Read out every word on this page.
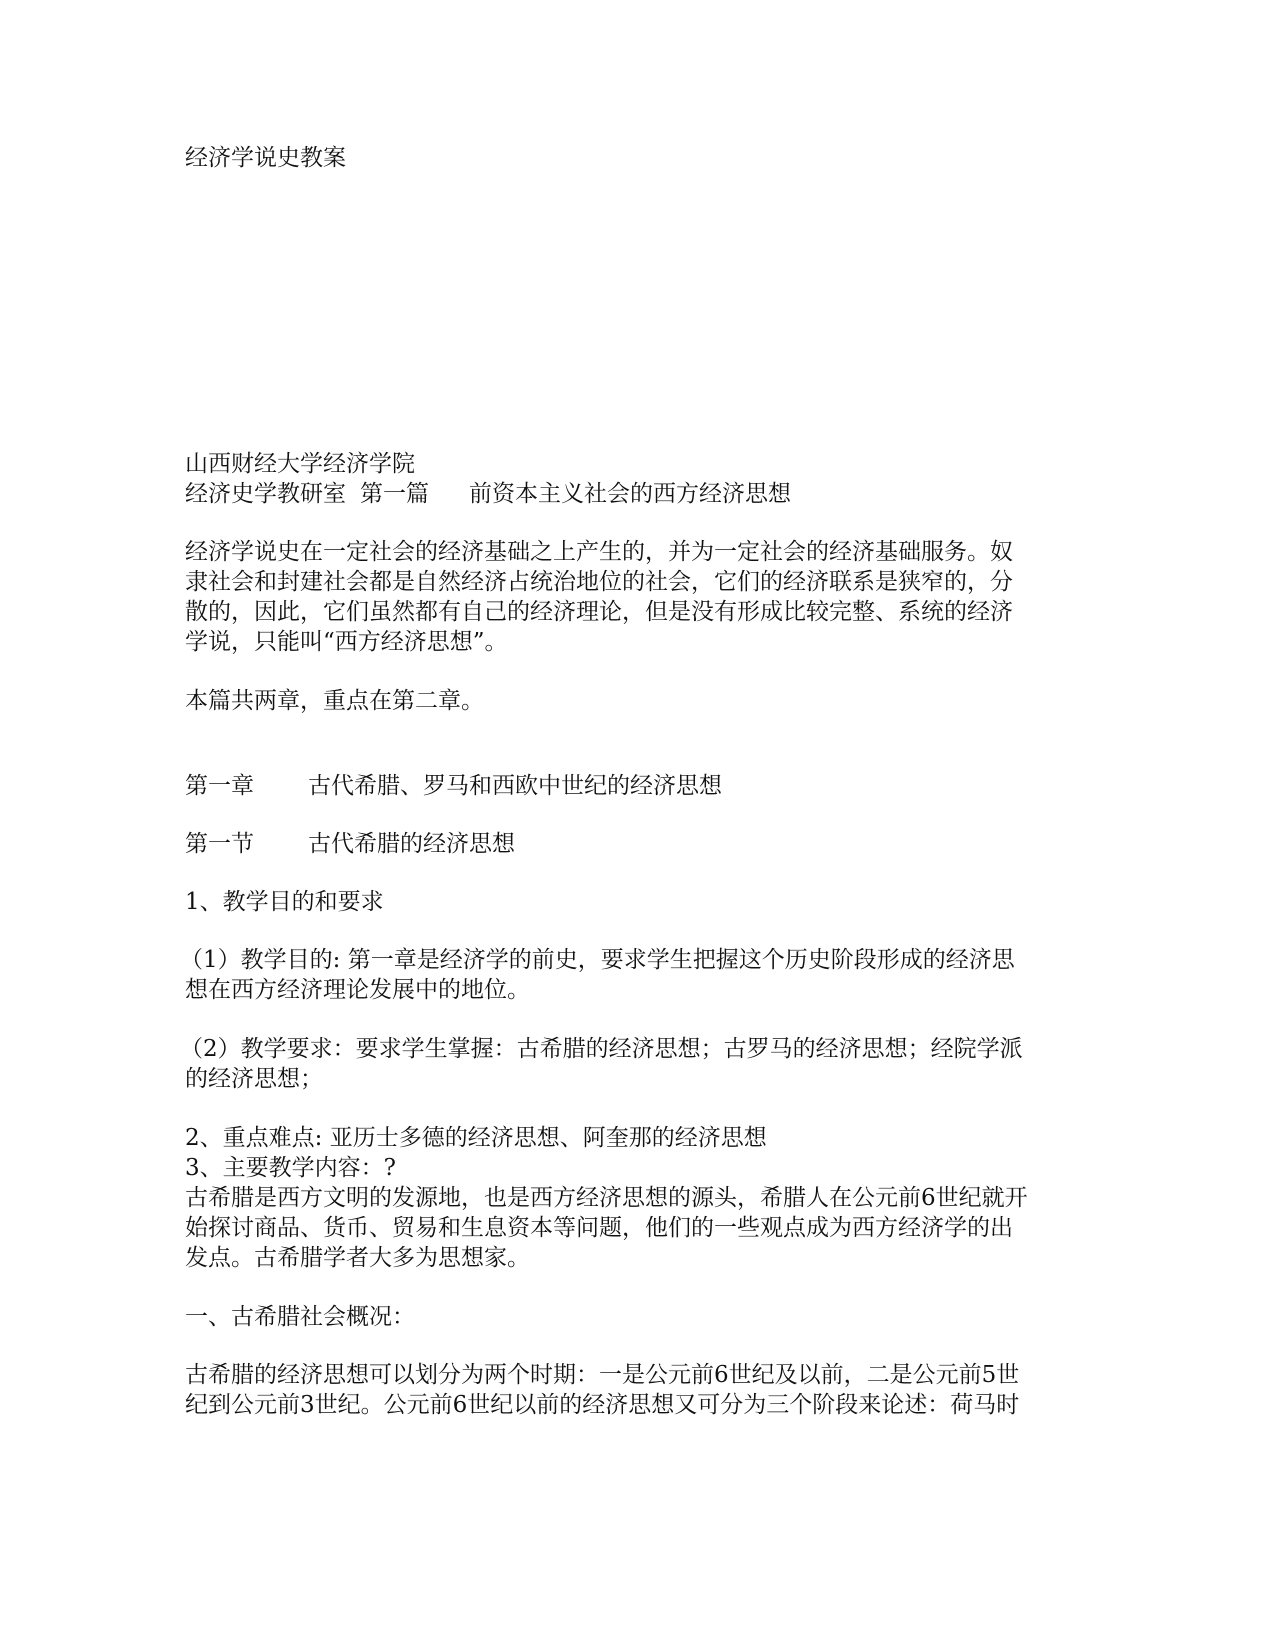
经济学说史教案
山西财经大学经济学院
经济史学教研室 第一篇 前资本主义社会的西方经济思想
经济学说史在一定社会的经济基础之上产生的，并为一定社会的经济基础服务。奴
隶社会和封建社会都是自然经济占统治地位的社会，它们的经济联系是狭窄的，分
散的，因此，它们虽然都有自己的经济理论，但是没有形成比较完整、系统的经济
学说，只能叫“西方经济思想”。
本篇共两章，重点在第二章。
第一章 古代希腊、罗马和西欧中世纪的经济思想
第一节 古代希腊的经济思想
1、教学目的和要求
（1）教学目的: 第一章是经济学的前史，要求学生把握这个历史阶段形成的经济思
想在西方经济理论发展中的地位。
（2）教学要求：要求学生掌握：古希腊的经济思想；古罗马的经济思想；经院学派
的经济思想；
2、重点难点: 亚历士多德的经济思想、阿奎那的经济思想
3、主要教学内容：?
古希腊是西方文明的发源地，也是西方经济思想的源头，希腊人在公元前6世纪就开
始探讨商品、货币、贸易和生息资本等问题，他们的一些观点成为西方经济学的出
发点。古希腊学者大多为思想家。
一、古希腊社会概况：
古希腊的经济思想可以划分为两个时期：一是公元前6世纪及以前，二是公元前5世
纪到公元前3世纪。公元前6世纪以前的经济思想又可分为三个阶段来论述：荷马时
